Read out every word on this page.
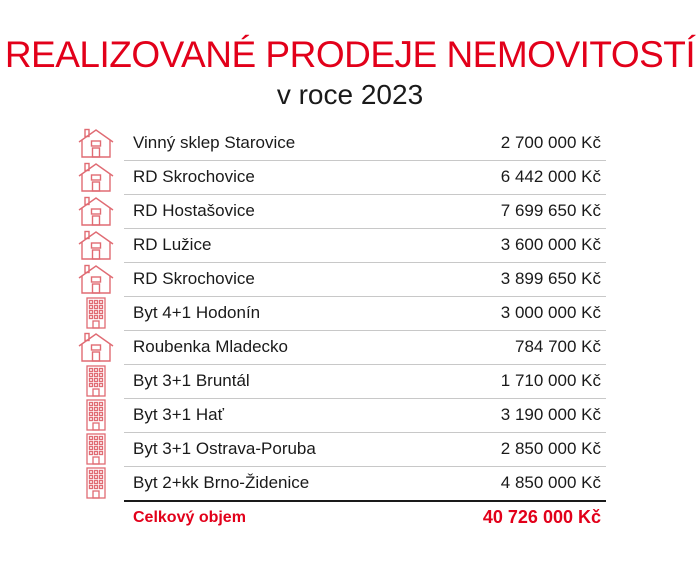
REALIZOVANÉ PRODEJE NEMOVITOSTÍ
v roce 2023
Vinný sklep Starovice	2 700 000 Kč
RD Skrochovice	6 442 000 Kč
RD Hostašovice	7 699 650 Kč
RD Lužice	3 600 000 Kč
RD Skrochovice	3 899 650 Kč
Byt 4+1 Hodonín	3 000 000 Kč
Roubenka Mladecko	784 700 Kč
Byt 3+1 Bruntál	1 710 000 Kč
Byt 3+1 Hať	3 190 000 Kč
Byt 3+1 Ostrava-Poruba	2 850 000 Kč
Byt 2+kk Brno-Židenice	4 850 000 Kč
Celkový objem	40 726 000 Kč
